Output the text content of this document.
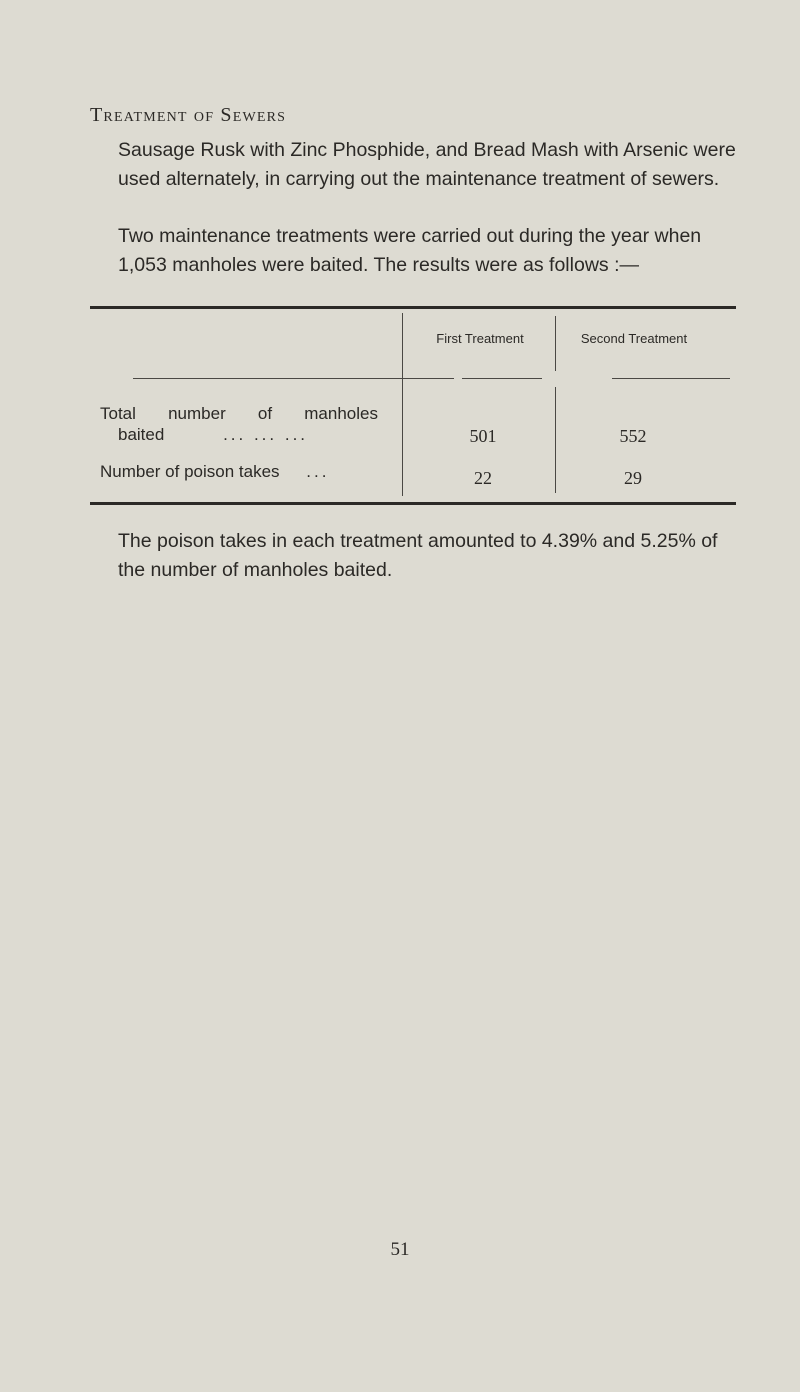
Treatment of Sewers
Sausage Rusk with Zinc Phosphide, and Bread Mash with Arsenic were used alternately, in carrying out the maintenance treatment of sewers.
Two maintenance treatments were carried out during the year when 1,053 manholes were baited. The results were as follows :—
First Treatment	Second Treatment
Total number of manholes
baited	... ... ...	501	552
Number of poison takes ...	22	29
The poison takes in each treatment amounted to 4.39% and 5.25% of the number of manholes baited.
51
